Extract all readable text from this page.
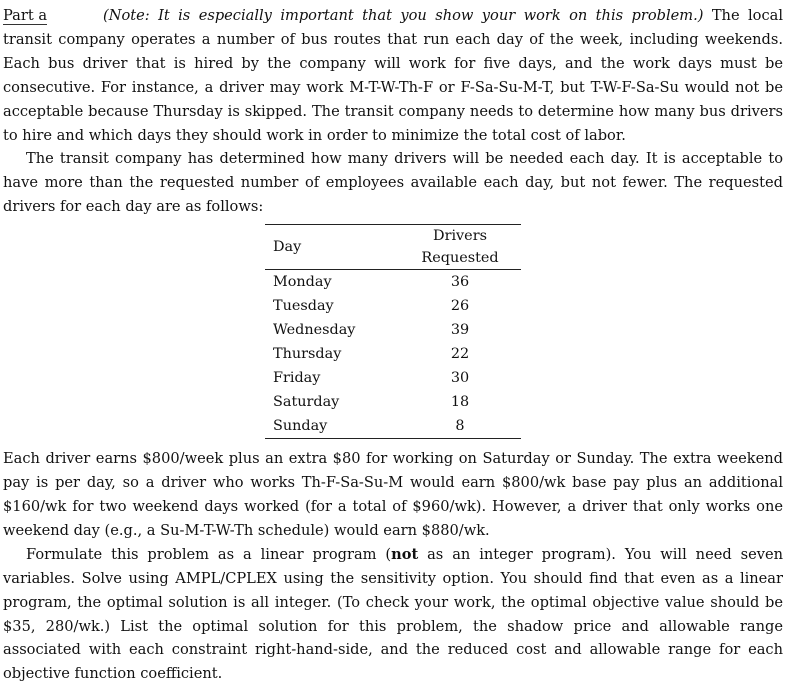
Part a	(Note: It is especially important that you show your work on this problem.) The local transit company operates a number of bus routes that run each day of the week, including weekends. Each bus driver that is hired by the company will work for five days, and the work days must be consecutive. For instance, a driver may work M-T-W-Th-F or F-Sa-Su-M-T, but T-W-F-Sa-Su would not be acceptable because Thursday is skipped. The transit company needs to determine how many bus drivers to hire and which days they should work in order to minimize the total cost of labor.

The transit company has determined how many drivers will be needed each day. It is acceptable to have more than the requested number of employees available each day, but not fewer. The requested drivers for each day are as follows:

Day	Drivers Requested
Monday	36
Tuesday	26
Wednesday	39
Thursday	22
Friday	30
Saturday	18
Sunday	8

Each driver earns $800/week plus an extra $80 for working on Saturday or Sunday. The extra weekend pay is per day, so a driver who works Th-F-Sa-Su-M would earn $800/wk base pay plus an additional $160/wk for two weekend days worked (for a total of $960/wk). However, a driver that only works one weekend day (e.g., a Su-M-T-W-Th schedule) would earn $880/wk.

Formulate this problem as a linear program (not as an integer program). You will need seven variables. Solve using AMPL/CPLEX using the sensitivity option. You should find that even as a linear program, the optimal solution is all integer. (To check your work, the optimal objective value should be $35, 280/wk.) List the optimal solution for this problem, the shadow price and allowable range associated with each constraint right-hand-side, and the reduced cost and allowable range for each objective function coefficient.
